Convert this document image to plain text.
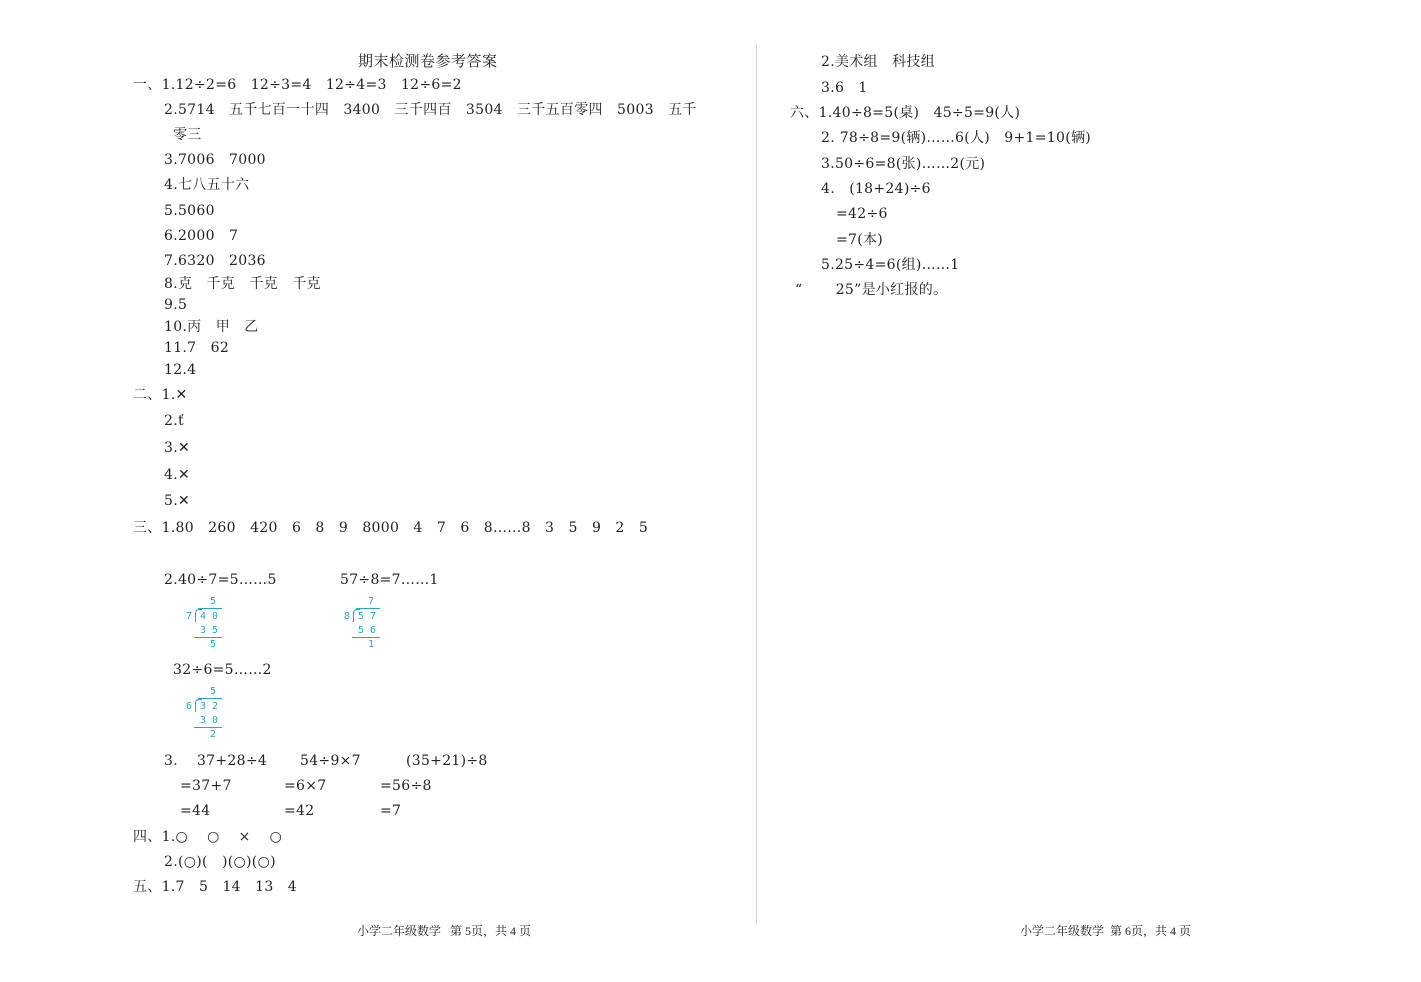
期末检测卷参考答案
一、1.12÷2=6   12÷3=4   12÷4=3   12÷6=2
2.5714   五千七百一十四   3400   三千四百   3504   三千五百零四   5003   五千
零三
3.7006   7000
4.七八五十六
5.5060
6.2000   7
7.6320   2036
8.克   千克   千克   千克
9.5
10.丙   甲   乙
11.7   62
12.4
二、1.✕
2.ť
3.✕
4.✕
5.✕
三、1.80   260   420   6   8   9   8000   4   7   6   8……8   3   5   9   2   5
2.40÷7=5……5	57÷8=7……1
5
7 4 0
3 5
5
7
8 5 7
5 6
1
32÷6=5……2
5
6 3 2
3 0
2
3.    37+28÷4 54÷9×7	(35+21)÷8
=37+7	=6×7	=56÷8
=44	=42	=7
四、1.○    ○    ×    ○
2.(○)(   )(○)(○)
五、1.7   5   14   13   4
2.美术组   科技组
3.6   1
六、1.40÷8=5(桌)   45÷5=9(人)
2. 78÷8=9(辆)……6(人)   9+1=10(辆)
3.50÷6=8(张)……2(元)
4.   (18+24)÷6
=42÷6
=7(本)
5.25÷4=6(组)……1
“       25”是小红报的。
小学二年级数学   第 5页，共 4 页	小学二年级数学  第 6页，共 4 页
